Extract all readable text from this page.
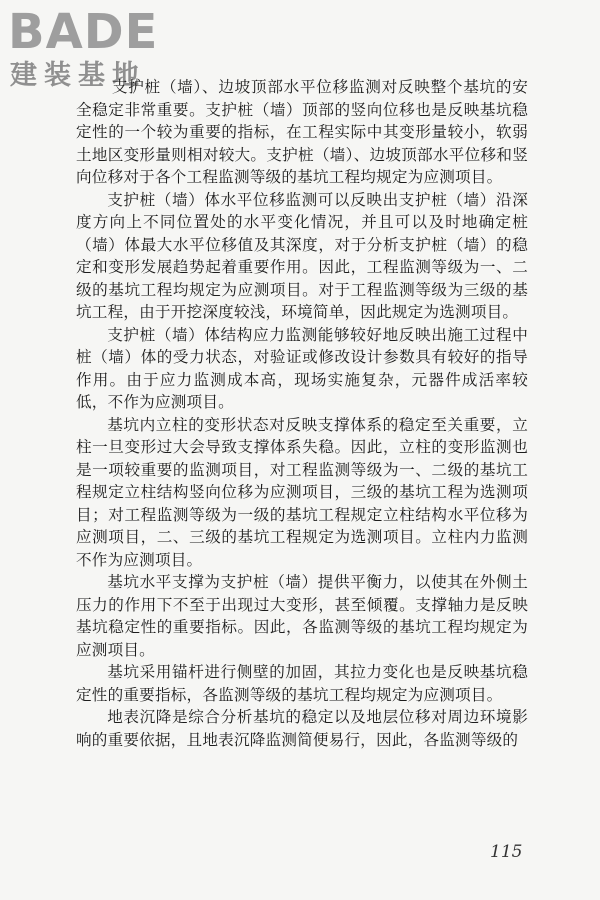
BADE
建装基地

支护桩（墙）、边坡顶部水平位移监测对反映整个基坑的安全稳定非常重要。支护桩（墙）顶部的竖向位移也是反映基坑稳定性的一个较为重要的指标，在工程实际中其变形量较小，软弱土地区变形量则相对较大。支护桩（墙）、边坡顶部水平位移和竖向位移对于各个工程监测等级的基坑工程均规定为应测项目。

支护桩（墙）体水平位移监测可以反映出支护桩（墙）沿深度方向上不同位置处的水平变化情况，并且可以及时地确定桩（墙）体最大水平位移值及其深度，对于分析支护桩（墙）的稳定和变形发展趋势起着重要作用。因此，工程监测等级为一、二级的基坑工程均规定为应测项目。对于工程监测等级为三级的基坑工程，由于开挖深度较浅，环境简单，因此规定为选测项目。

支护桩（墙）体结构应力监测能够较好地反映出施工过程中桩（墙）体的受力状态，对验证或修改设计参数具有较好的指导作用。由于应力监测成本高，现场实施复杂，元器件成活率较低，不作为应测项目。

基坑内立柱的变形状态对反映支撑体系的稳定至关重要，立柱一旦变形过大会导致支撑体系失稳。因此，立柱的变形监测也是一项较重要的监测项目，对工程监测等级为一、二级的基坑工程规定立柱结构竖向位移为应测项目，三级的基坑工程为选测项目；对工程监测等级为一级的基坑工程规定立柱结构水平位移为应测项目，二、三级的基坑工程规定为选测项目。立柱内力监测不作为应测项目。

基坑水平支撑为支护桩（墙）提供平衡力，以使其在外侧土压力的作用下不至于出现过大变形，甚至倾覆。支撑轴力是反映基坑稳定性的重要指标。因此，各监测等级的基坑工程均规定为应测项目。

基坑采用锚杆进行侧壁的加固，其拉力变化也是反映基坑稳定性的重要指标，各监测等级的基坑工程均规定为应测项目。

地表沉降是综合分析基坑的稳定以及地层位移对周边环境影响的重要依据，且地表沉降监测简便易行，因此，各监测等级的

115
